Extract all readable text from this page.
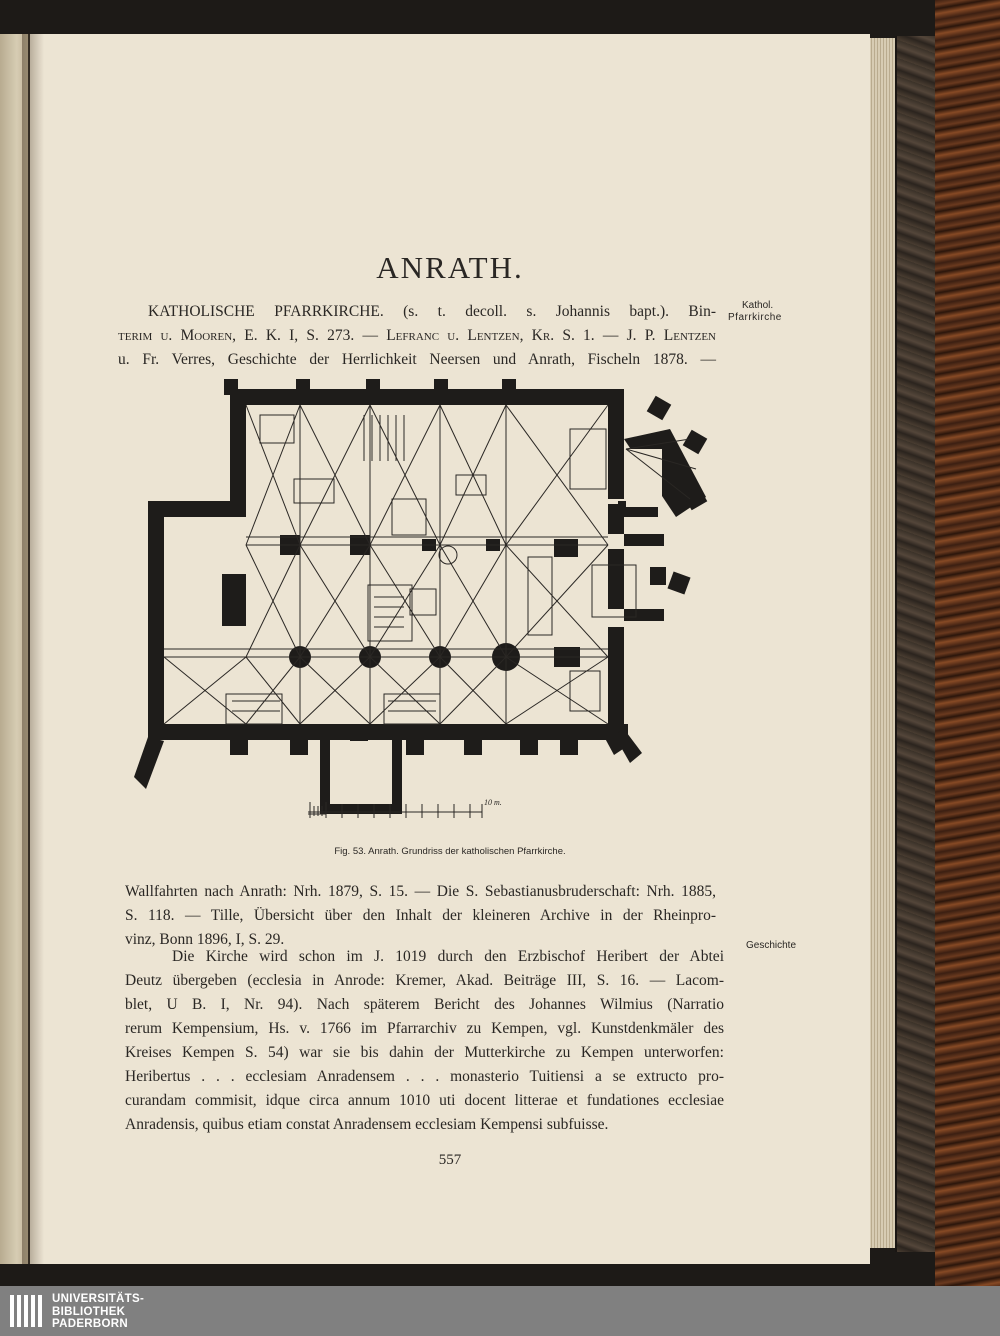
ANRATH.
KATHOLISCHE PFARRKIRCHE. (s. t. decoll. s. Johannis bapt.). Bin-
terim u. Mooren, E. K. I, S. 273. — Lefranc u. Lentzen, Kr. S. 1. — J. P. Lentzen
u. Fr. Verres, Geschichte der Herrlichkeit Neersen und Anrath, Fischeln 1878. —
Kathol.
Pfarrkirche
10 m.
Fig. 53. Anrath. Grundriss der katholischen Pfarrkirche.
Wallfahrten nach Anrath: Nrh. 1879, S. 15. — Die S. Sebastianusbruderschaft: Nrh. 1885,
S. 118. — Tille, Übersicht über den Inhalt der kleineren Archive in der Rheinpro-
vinz, Bonn 1896, I, S. 29.	Geschichte
Die Kirche wird schon im J. 1019 durch den Erzbischof Heribert der Abtei
Deutz übergeben (ecclesia in Anrode: Kremer, Akad. Beiträge III, S. 16. — Lacom-
blet, U B. I, Nr. 94). Nach späterem Bericht des Johannes Wilmius (Narratio
rerum Kempensium, Hs. v. 1766 im Pfarrarchiv zu Kempen, vgl. Kunstdenkmäler des
Kreises Kempen S. 54) war sie bis dahin der Mutterkirche zu Kempen unterworfen:
Heribertus . . . ecclesiam Anradensem . . . monasterio Tuitiensi a se extructo pro-
curandam commisit, idque circa annum 1010 uti docent litterae et fundationes ecclesiae
Anradensis, quibus etiam constat Anradensem ecclesiam Kempensi subfuisse.
557
UNIVERSITÄTS-
BIBLIOTHEK
PADERBORN
